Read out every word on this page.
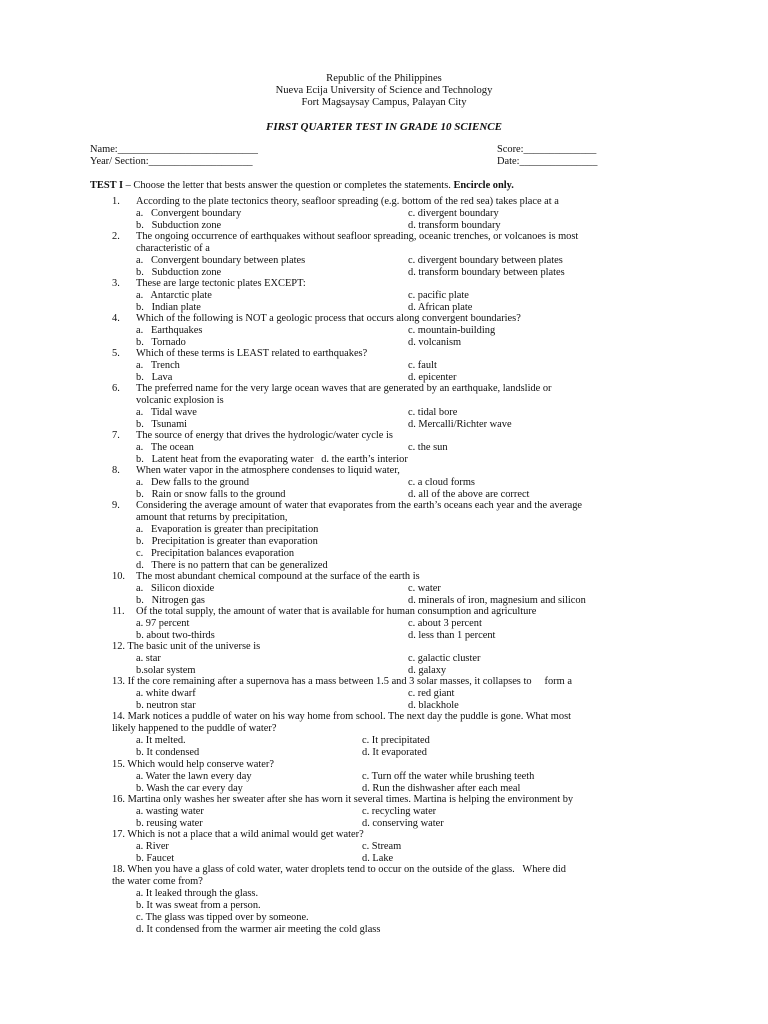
Republic of the Philippines
Nueva Ecija University of Science and Technology
Fort Magsaysay Campus, Palayan City
FIRST QUARTER TEST IN GRADE 10 SCIENCE
Name:___________________________
Year/ Section:____________________
Score:______________
Date:_______________
TEST I – Choose the letter that bests answer the question or completes the statements. Encircle only.
1. According to the plate tectonics theory, seafloor spreading (e.g. bottom of the red sea) takes place at a
a.   Convergent boundary	c. divergent boundary
b.   Subduction zone	d. transform boundary
2. The ongoing occurrence of earthquakes without seafloor spreading, oceanic trenches, or volcanoes is most
characteristic of a
a.   Convergent boundary between plates	c. divergent boundary between plates
b.   Subduction zone	d. transform boundary between plates
3. These are large tectonic plates EXCEPT:
a.   Antarctic plate	c. pacific plate
b.   Indian plate	d. African plate
4. Which of the following is NOT a geologic process that occurs along convergent boundaries?
a.   Earthquakes	c. mountain-building
b.   Tornado	d. volcanism
5. Which of these terms is LEAST related to earthquakes?
a.   Trench	c. fault
b.   Lava	d. epicenter
6. The preferred name for the very large ocean waves that are generated by an earthquake, landslide or
volcanic explosion is
a.   Tidal wave	c. tidal bore
b.   Tsunami	d. Mercalli/Richter wave
7. The source of energy that drives the hydrologic/water cycle is
a.   The ocean	c. the sun
b.   Latent heat from the evaporating water   d. the earth’s interior
8. When water vapor in the atmosphere condenses to liquid water,
a.   Dew falls to the ground	c. a cloud forms
b.   Rain or snow falls to the ground	d. all of the above are correct
9. Considering the average amount of water that evaporates from the earth’s oceans each year and the average
amount that returns by precipitation,
a.   Evaporation is greater than precipitation
b.   Precipitation is greater than evaporation
c.   Precipitation balances evaporation
d.   There is no pattern that can be generalized
10. The most abundant chemical compound at the surface of the earth is
a.   Silicon dioxide	c. water
b.   Nitrogen gas	d. minerals of iron, magnesium and silicon
11. Of the total supply, the amount of water that is available for human consumption and agriculture
a. 97 percent	c. about 3 percent
b. about two-thirds	d. less than 1 percent
12. The basic unit of the universe is
a. star	c. galactic cluster
b.solar system	d. galaxy
13. If the core remaining after a supernova has a mass between 1.5 and 3 solar masses, it collapses to     form a
a. white dwarf	c. red giant
b. neutron star	d. blackhole
14. Mark notices a puddle of water on his way home from school. The next day the puddle is gone. What most
likely happened to the puddle of water?
a. It melted.	c. It precipitated
b. It condensed	d. It evaporated
15. Which would help conserve water?
a. Water the lawn every day	c. Turn off the water while brushing teeth
b. Wash the car every day	d. Run the dishwasher after each meal
16. Martina only washes her sweater after she has worn it several times. Martina is helping the environment by
a. wasting water	c. recycling water
b. reusing water	d. conserving water
17. Which is not a place that a wild animal would get water?
a. River	c. Stream
b. Faucet	d. Lake
18. When you have a glass of cold water, water droplets tend to occur on the outside of the glass.   Where did
the water come from?
a. It leaked through the glass.
b. It was sweat from a person.
c. The glass was tipped over by someone.
d. It condensed from the warmer air meeting the cold glass
